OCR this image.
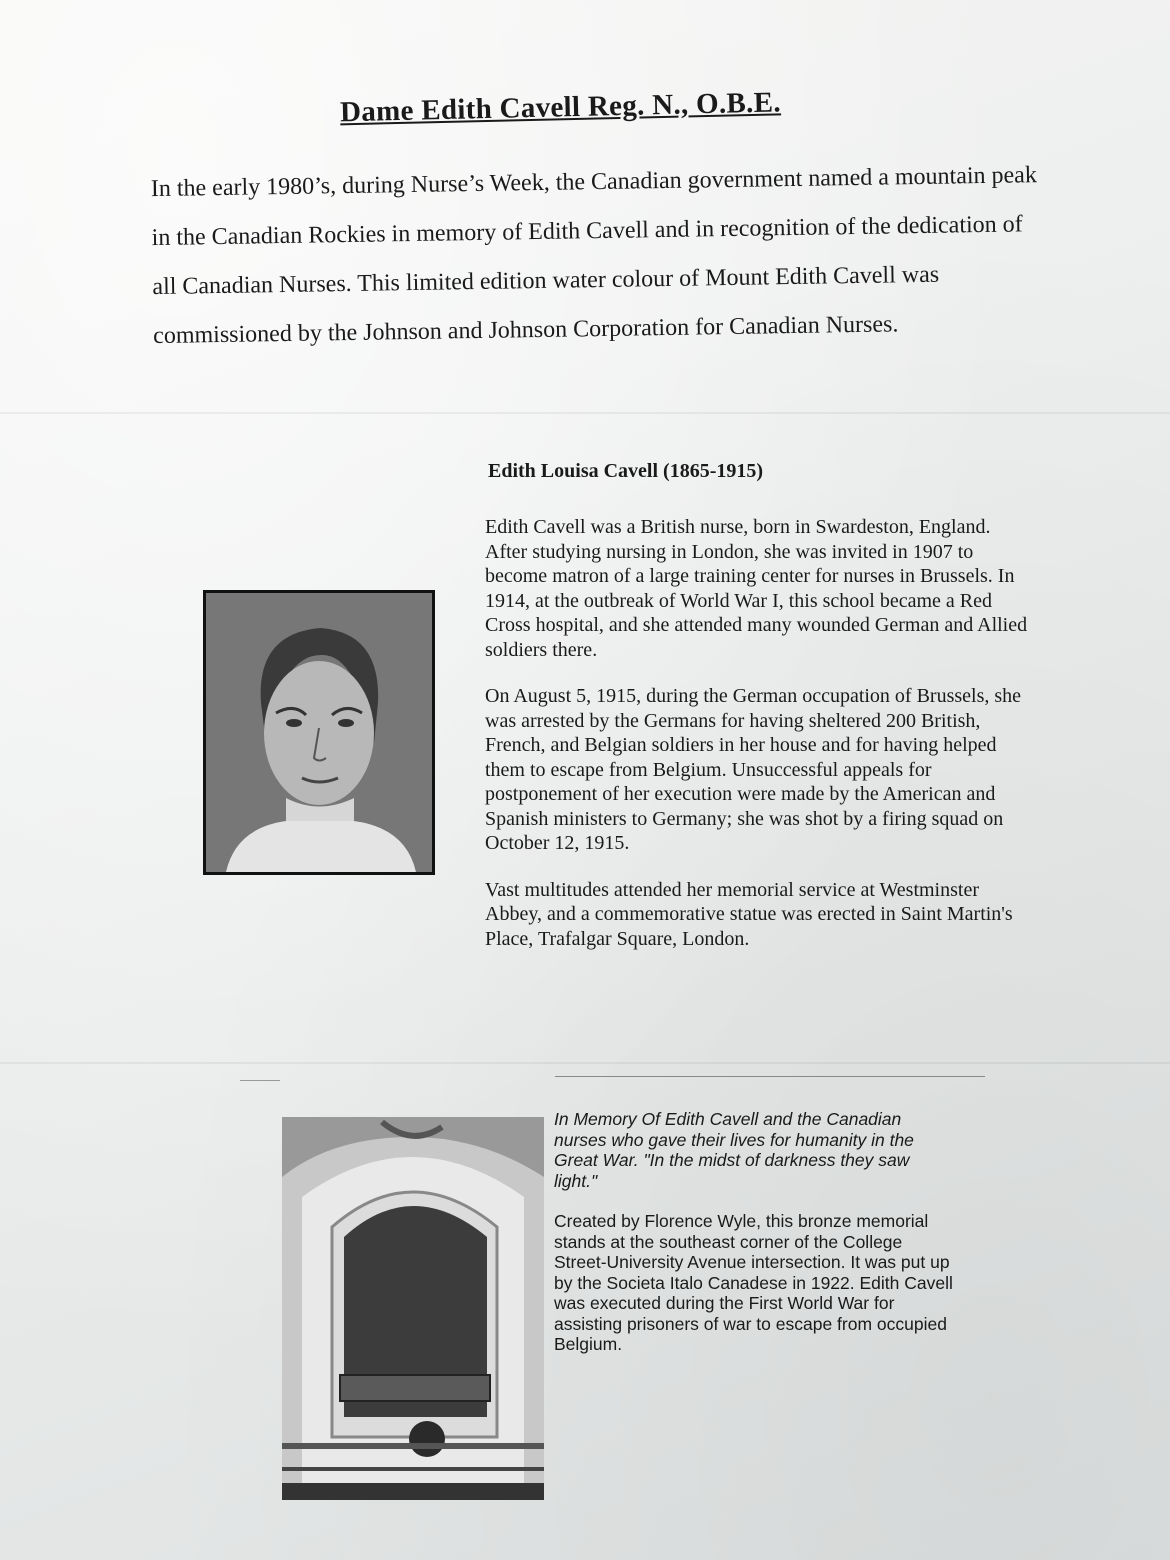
Dame Edith Cavell Reg. N., O.B.E.
In the early 1980’s, during Nurse’s Week, the Canadian government named a mountain peak in the Canadian Rockies in memory of Edith Cavell and in recognition of the dedication of all Canadian Nurses. This limited edition water colour of Mount Edith Cavell was commissioned by the Johnson and Johnson Corporation for Canadian Nurses.
Edith Louisa Cavell (1865-1915)

Edith Cavell was a British nurse, born in Swardeston, England. After studying nursing in London, she was invited in 1907 to become matron of a large training center for nurses in Brussels. In 1914, at the outbreak of World War I, this school became a Red Cross hospital, and she attended many wounded German and Allied soldiers there.

On August 5, 1915, during the German occupation of Brussels, she was arrested by the Germans for having sheltered 200 British, French, and Belgian soldiers in her house and for having helped them to escape from Belgium. Unsuccessful appeals for postponement of her execution were made by the American and Spanish ministers to Germany; she was shot by a firing squad on October 12, 1915.

Vast multitudes attended her memorial service at Westminster Abbey, and a commemorative statue was erected in Saint Martin's Place, Trafalgar Square, London.

In Memory Of Edith Cavell and the Canadian nurses who gave their lives for humanity in the Great War. "In the midst of darkness they saw light."

Created by Florence Wyle, this bronze memorial stands at the southeast corner of the College Street-University Avenue intersection. It was put up by the Societa Italo Canadese in 1922. Edith Cavell was executed during the First World War for assisting prisoners of war to escape from occupied Belgium.
